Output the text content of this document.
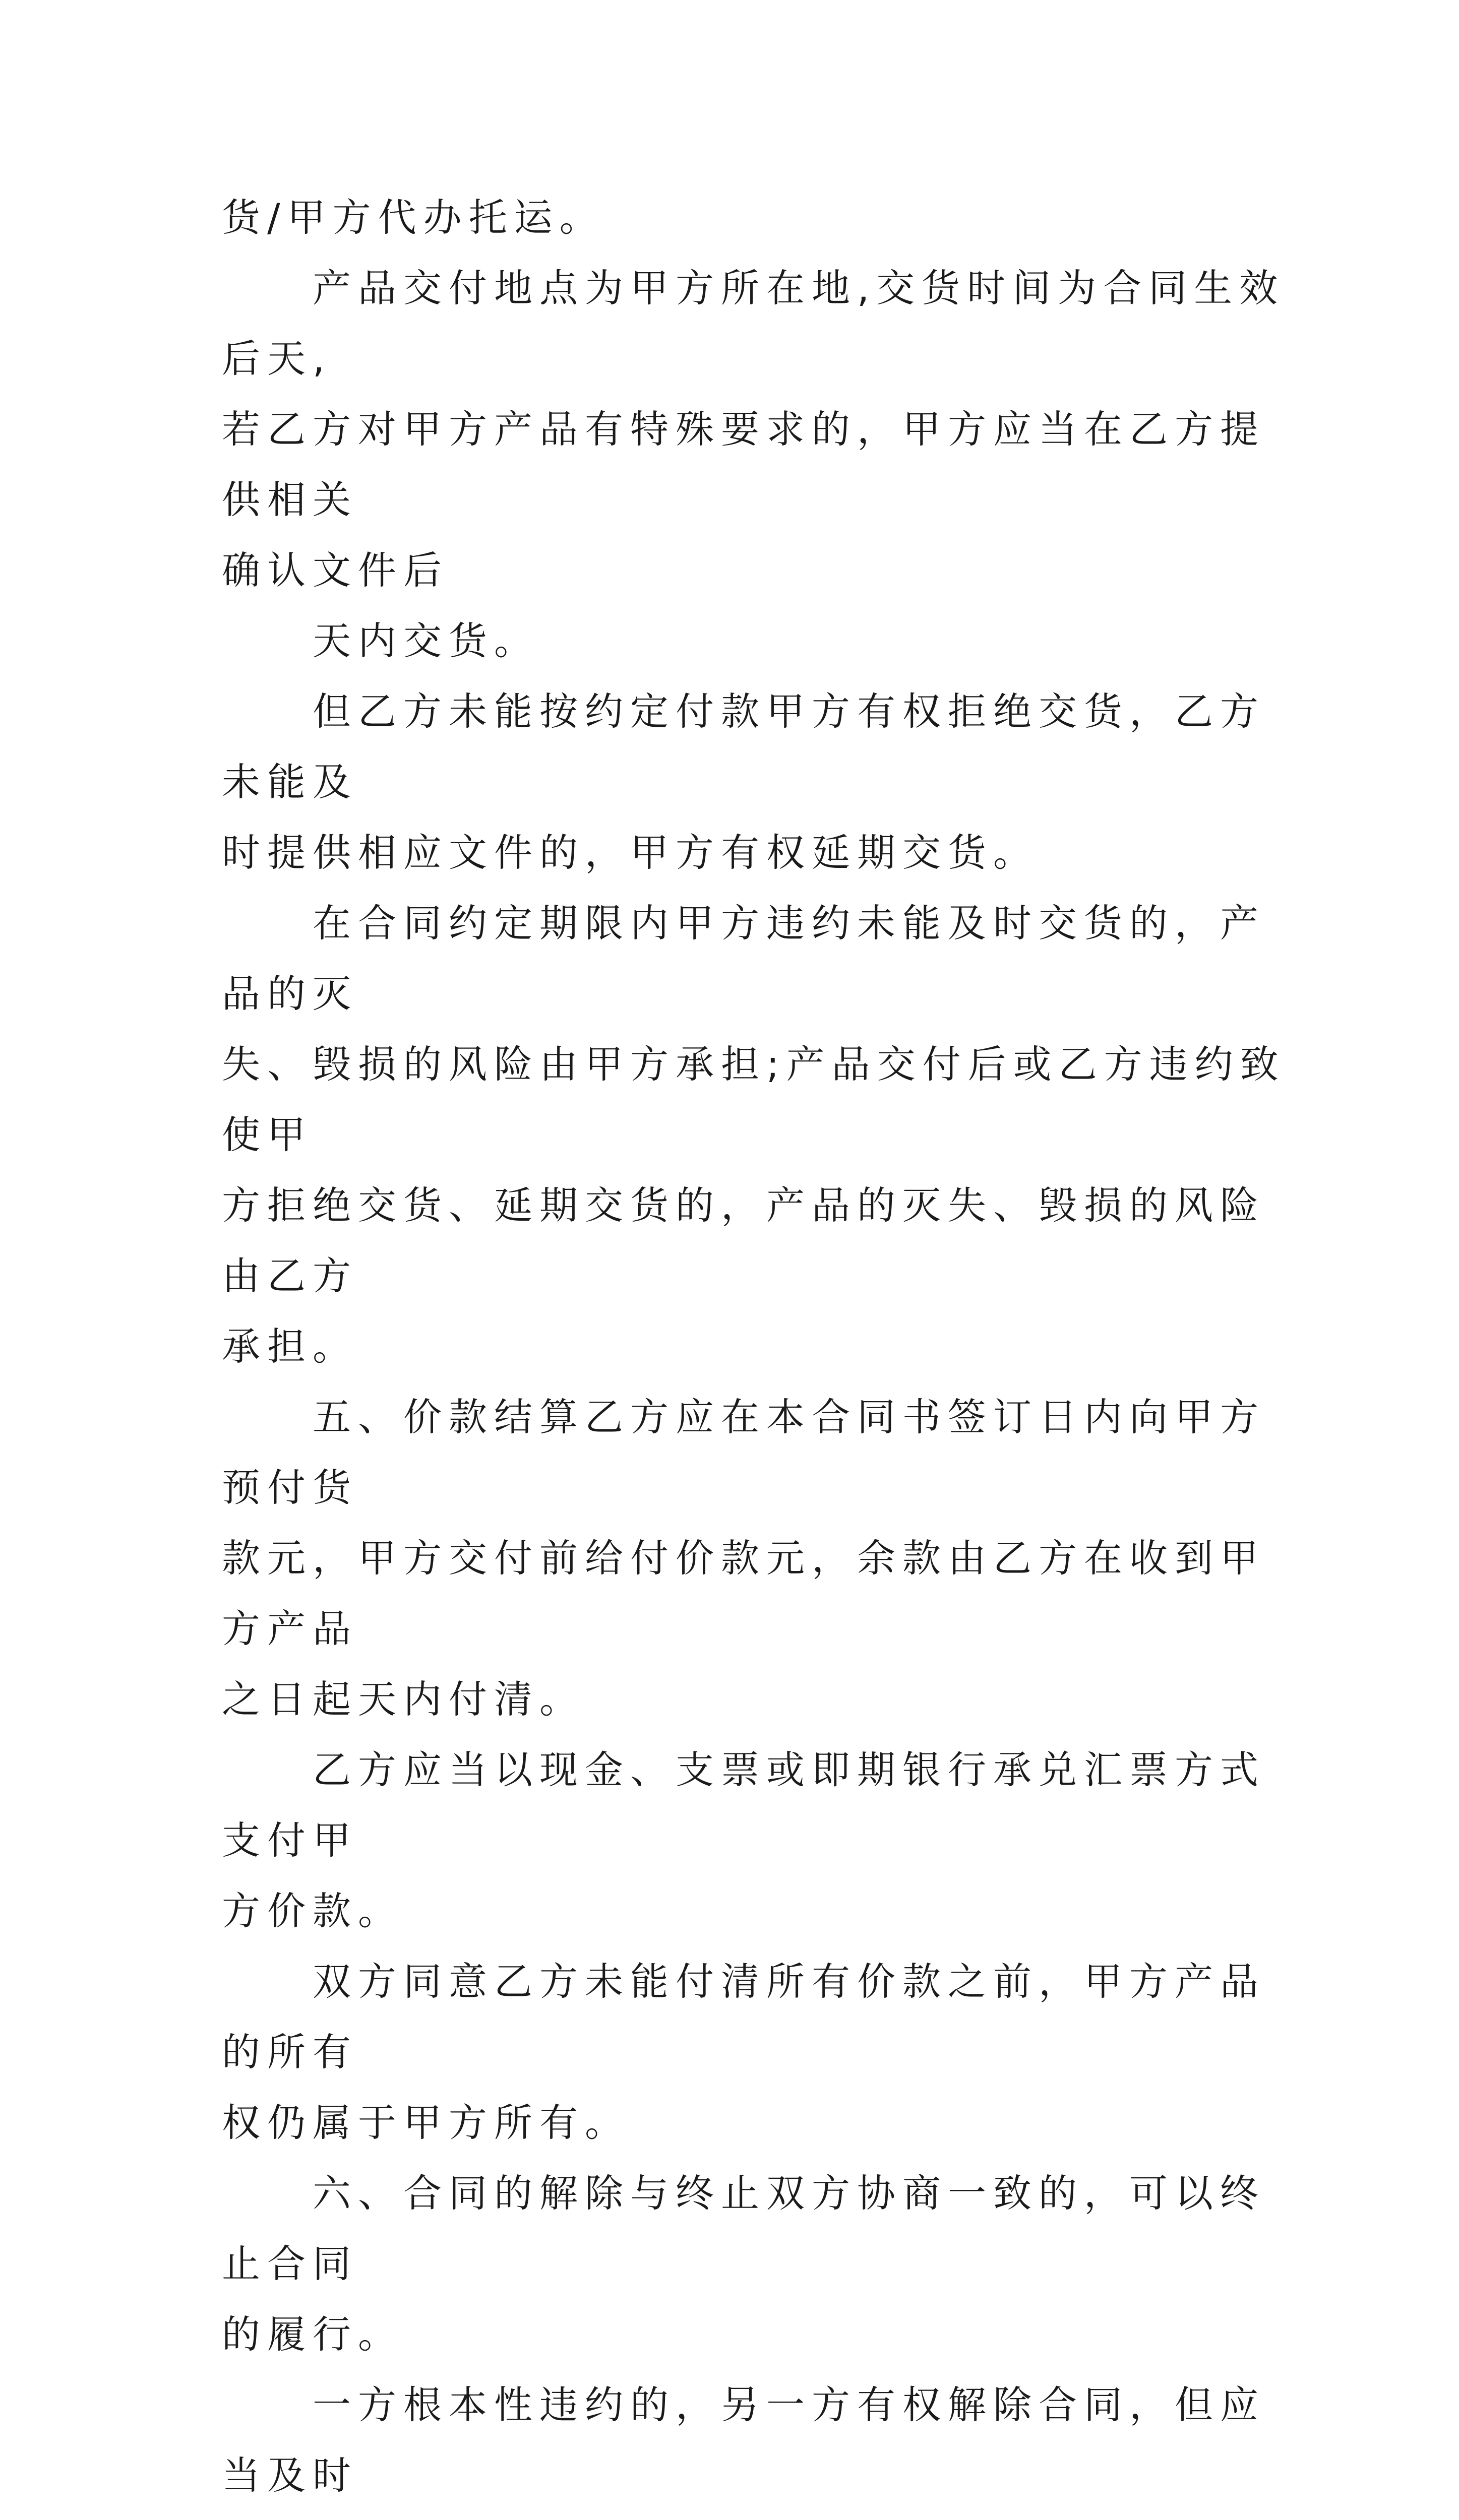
货/甲方代办托运。

　　产品交付地点为甲方所在地,交货时间为合同生效后天,

若乙方对甲方产品有特殊要求的，甲方应当在乙方提供相关

确认文件后

　　天内交货。

　　但乙方未能按约定付款甲方有权拒绝交货，乙方未能及

时提供相应文件的，甲方有权延期交货。

　　在合同约定期限内甲方违约未能及时交货的，产品的灭

失、毁损的风险由甲方承担;产品交付后或乙方违约致使甲

方拒绝交货、延期交货的，产品的灭失、毁损的风险由乙方

承担。

　　五、价款结算乙方应在本合同书签订日内向甲方预付货

款元，甲方交付前给付价款元，余款由乙方在收到甲方产品

之日起天内付清。

　　乙方应当以现金、支票或即期银行承兑汇票方式支付甲

方价款。

　　双方同意乙方未能付清所有价款之前，甲方产品的所有

权仍属于甲方所有。

　　六、合同的解除与终止双方协商一致的，可以终止合同

的履行。

　　一方根本性违约的，另一方有权解除合同，但应当及时
